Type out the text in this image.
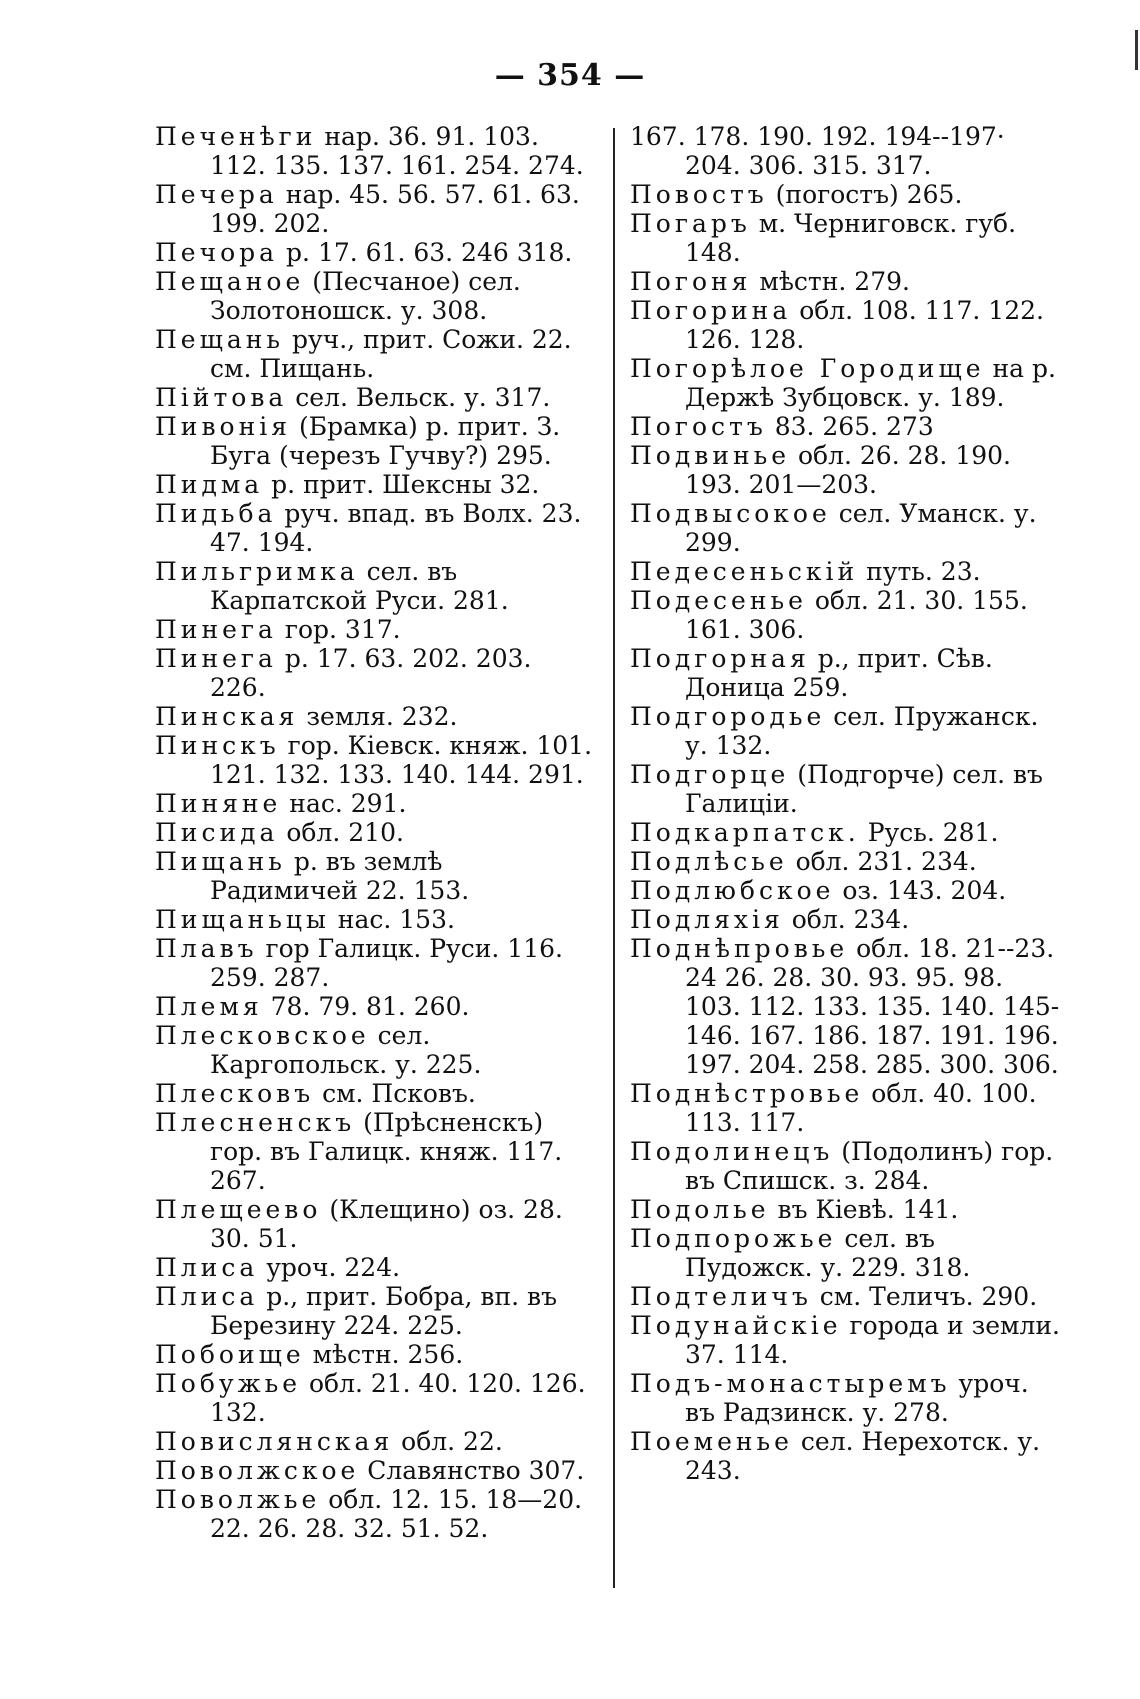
— 354 —

Печенѣги нар. 36. 91. 103. 112. 135. 137. 161. 254. 274.

Печера нар. 45. 56. 57. 61. 63. 199. 202.

Печора р. 17. 61. 63. 246 318.

Пещаное (Песчаное) сел. Золотоношск. у. 308.

Пещань руч., прит. Сожи. 22. см. Пищань.

Пійтова сел. Вельск. у. 317.

Пивонія (Брамка) р. прит. З. Буга (черезъ Гучву?) 295.

Пидма р. прит. Шексны 32.

Пидьба руч. впад. въ Волх. 23. 47. 194.

Пильгримка сел. въ Карпатской Руси. 281.

Пинега гор. 317.

Пинега р. 17. 63. 202. 203. 226.

Пинская земля. 232.

Пинскъ гор. Кіевск. княж. 101. 121. 132. 133. 140. 144. 291.

Пиняне нас. 291.

Писида обл. 210.

Пищань р. въ землѣ Радимичей 22. 153.

Пищаньцы нас. 153.

Плавъ гор Галицк. Руси. 116. 259. 287.

Племя 78. 79. 81. 260.

Плесковское сел. Каргопольск. у. 225.

Плесковъ см. Псковъ.

Плесненскъ (Прѣсненскъ) гор. въ Галицк. княж. 117. 267.

Плещеево (Клещино) оз. 28. 30. 51.

Плиса уроч. 224.

Плиса р., прит. Бобра, вп. въ Березину 224. 225.

Побоище мѣстн. 256.

Побужье обл. 21. 40. 120. 126. 132.

Повислянская обл. 22.

Поволжское Славянство 307.

Поволжье обл. 12. 15. 18—20. 22. 26. 28. 32. 51. 52.

167. 178. 190. 192. 194--197· 204. 306. 315. 317.

Повостъ (погостъ) 265.

Погаръ м. Черниговск. губ. 148.

Погоня мѣстн. 279.

Погорина обл. 108. 117. 122. 126. 128.

Погорѣлое Городище на р. Держѣ Зубцовск. у. 189.

Погостъ 83. 265. 273

Подвинье обл. 26. 28. 190. 193. 201—203.

Подвысокое сел. Уманск. у. 299.

Педесеньскій путь. 23.

Подесенье обл. 21. 30. 155. 161. 306.

Подгорная р., прит. Сѣв. Доница 259.

Подгородье сел. Пружанск. у. 132.

Подгорце (Подгорче) сел. въ Галиціи.

Подкарпатск. Русь. 281.

Подлѣсье обл. 231. 234.

Подлюбское оз. 143. 204.

Подляхія обл. 234.

Поднѣпровье обл. 18. 21--23. 24 26. 28. 30. 93. 95. 98. 103. 112. 133. 135. 140. 145-146. 167. 186. 187. 191. 196. 197. 204. 258. 285. 300. 306.

Поднѣстровье обл. 40. 100. 113. 117.

Подолинецъ (Подолинъ) гор. въ Спишск. з. 284.

Подолье въ Кіевѣ. 141.

Подпорожье сел. въ Пудожск. у. 229. 318.

Подтеличъ см. Теличъ. 290.

Подунайскіе города и земли. 37. 114.

Подъ-монастыремъ уроч. въ Радзинск. у. 278.

Поеменье сел. Нерехотск. у. 243.
